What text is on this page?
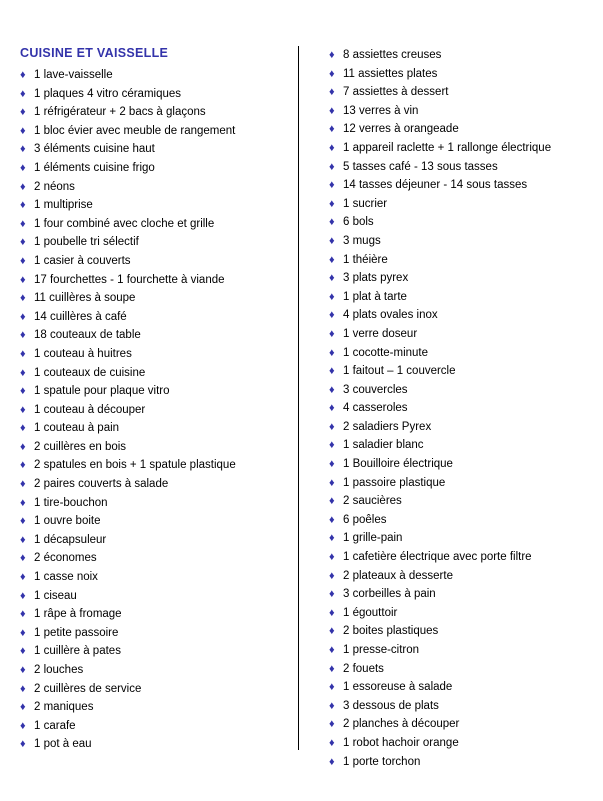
CUISINE ET VAISSELLE
♦ 1 lave-vaisselle
♦ 1 plaques 4 vitro céramiques
♦ 1 réfrigérateur + 2 bacs à glaçons
♦ 1 bloc évier avec meuble de rangement
♦ 3 éléments cuisine haut
♦ 1 éléments cuisine frigo
♦ 2 néons
♦ 1 multiprise
♦ 1 four combiné avec cloche et grille
♦ 1 poubelle tri sélectif
♦ 1 casier à couverts
♦ 17 fourchettes - 1 fourchette à viande
♦ 11 cuillères à soupe
♦ 14 cuillères à café
♦ 18 couteaux de table
♦ 1 couteau à huitres
♦ 1 couteaux de cuisine
♦ 1 spatule pour plaque vitro
♦ 1 couteau à découper
♦ 1 couteau à pain
♦ 2 cuillères en bois
♦ 2 spatules en bois + 1 spatule plastique
♦ 2 paires couverts à salade
♦ 1 tire-bouchon
♦ 1 ouvre boite
♦ 1 décapsuleur
♦ 2 économes
♦ 1 casse noix
♦ 1 ciseau
♦ 1 râpe à fromage
♦ 1 petite passoire
♦ 1 cuillère à pates
♦ 2 louches
♦ 2 cuillères de service
♦ 2 maniques
♦ 1 carafe
♦ 1 pot à eau
♦ 8 assiettes creuses
♦ 11 assiettes plates
♦ 7 assiettes à dessert
♦ 13 verres à vin
♦ 12 verres à orangeade
♦ 1 appareil raclette + 1 rallonge électrique
♦ 5 tasses café - 13 sous tasses
♦ 14 tasses déjeuner - 14 sous tasses
♦ 1 sucrier
♦ 6 bols
♦ 3 mugs
♦ 1 théière
♦ 3 plats pyrex
♦ 1 plat à tarte
♦ 4 plats ovales inox
♦ 1 verre doseur
♦ 1 cocotte-minute
♦ 1 faitout – 1 couvercle
♦ 3 couvercles
♦ 4 casseroles
♦ 2 saladiers Pyrex
♦ 1 saladier blanc
♦ 1 Bouilloire électrique
♦ 1 passoire plastique
♦ 2 saucières
♦ 6 poêles
♦ 1 grille-pain
♦ 1 cafetière électrique avec porte filtre
♦ 2 plateaux à desserte
♦ 3 corbeilles à pain
♦ 1 égouttoir
♦ 2 boites plastiques
♦ 1 presse-citron
♦ 2 fouets
♦ 1 essoreuse à salade
♦ 3 dessous de plats
♦ 2 planches à découper
♦ 1 robot hachoir orange
♦ 1 porte torchon
